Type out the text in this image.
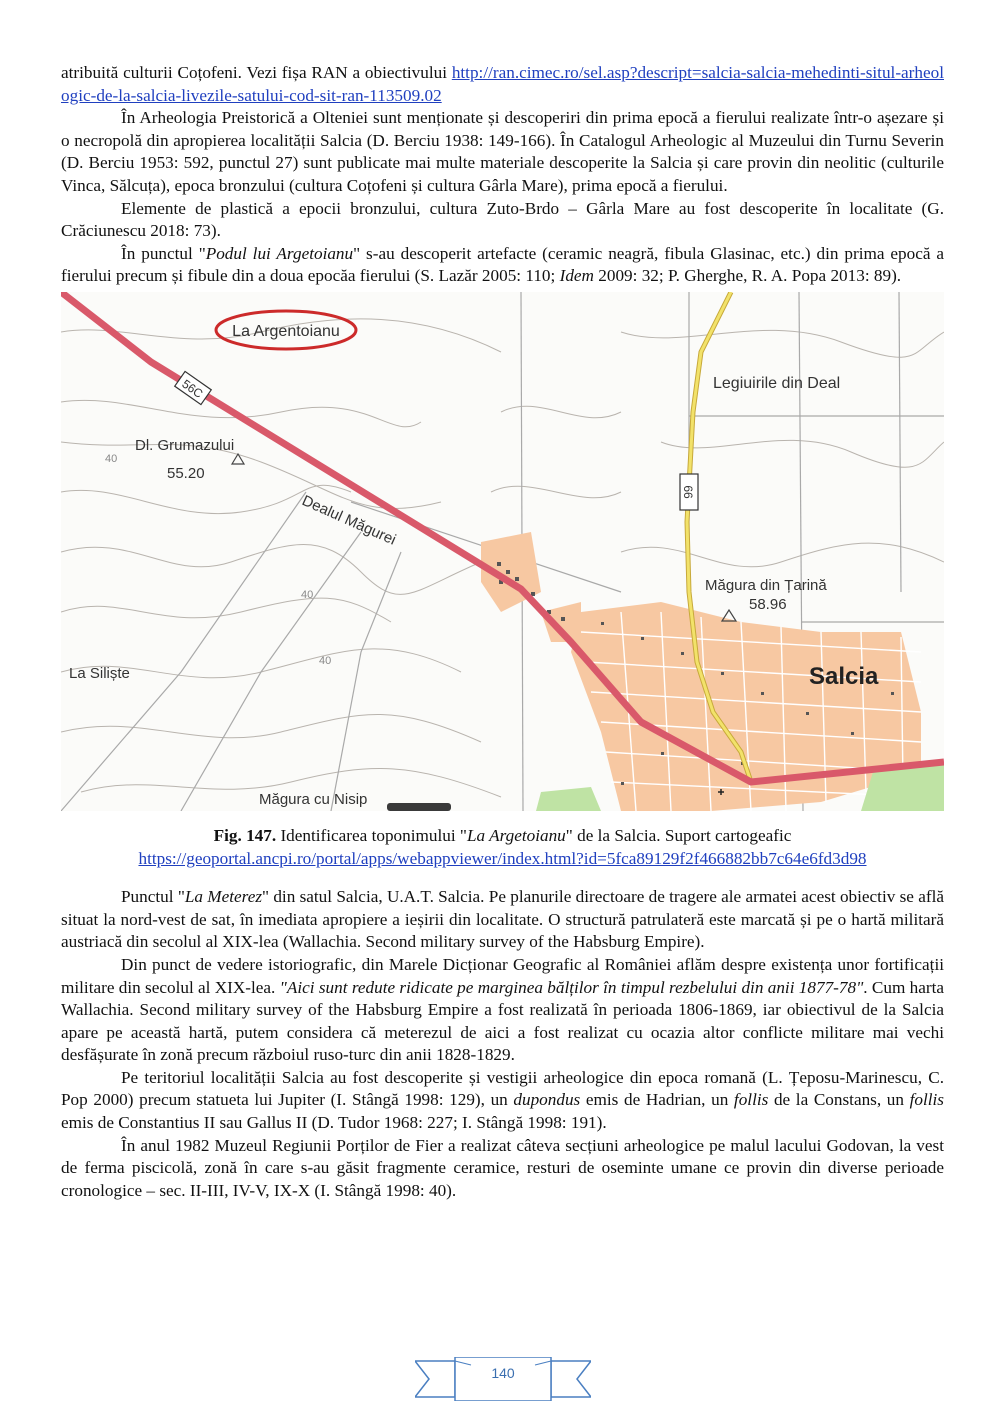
atribuită culturii Coțofeni. Vezi fișa RAN a obiectivului http://ran.cimec.ro/sel.asp?descript=salcia-salcia-mehedinti-situl-arheologic-de-la-salcia-livezile-satului-cod-sit-ran-113509.02

În Arheologia Preistorică a Olteniei sunt menționate și descoperiri din prima epocă a fierului realizate într-o așezare și o necropolă din apropierea localității Salcia (D. Berciu 1938: 149-166). În Catalogul Arheologic al Muzeului din Turnu Severin (D. Berciu 1953: 592, punctul 27) sunt publicate mai multe materiale descoperite la Salcia și care provin din neolitic (culturile Vinca, Sălcuța), epoca bronzului (cultura Coțofeni și cultura Gârla Mare), prima epocă a fierului.

Elemente de plastică a epocii bronzului, cultura Zuto-Brdo – Gârla Mare au fost descoperite în localitate (G. Crăciunescu 2018: 73).

În punctul "Podul lui Argetoianu" s-au descoperit artefacte (ceramic neagră, fibula Glasinac, etc.) din prima epocă a fierului precum și fibule din a doua epocăa fierului (S. Lazăr 2005: 110; Idem 2009: 32; P. Gherghe, R. A. Popa 2013: 89).

56C
66
La Argentoianu
Dl. Grumazului
55.20
Dealul Măgurei
Legiuirile din Deal
Măgura din Țarină
58.96
Salcia
La Siliște
Măgura cu Nisip
40
40
40
Fig. 147. Identificarea toponimului "La Argetoianu" de la Salcia. Suport cartogeafic
https://geoportal.ancpi.ro/portal/apps/webappviewer/index.html?id=5fca89129f2f466882bb7c64e6fd3d98

Punctul "La Meterez" din satul Salcia, U.A.T. Salcia. Pe planurile directoare de tragere ale armatei acest obiectiv se află situat la nord-vest de sat, în imediata apropiere a ieșirii din localitate. O structură patrulateră este marcată și pe o hartă militară austriacă din secolul al XIX-lea (Wallachia. Second military survey of the Habsburg Empire).

Din punct de vedere istoriografic, din Marele Dicționar Geografic al României aflăm despre existența unor fortificații militare din secolul al XIX-lea. "Aici sunt redute ridicate pe marginea bălților în timpul rezbelului din anii 1877-78". Cum harta Wallachia. Second military survey of the Habsburg Empire a fost realizată în perioada 1806-1869, iar obiectivul de la Salcia apare pe această hartă, putem considera că meterezul de aici a fost realizat cu ocazia altor conflicte militare mai vechi desfășurate în zonă precum războiul ruso-turc din anii 1828-1829.

Pe teritoriul localității Salcia au fost descoperite și vestigii arheologice din epoca romană (L. Țeposu-Marinescu, C. Pop 2000) precum statueta lui Jupiter (I. Stângă 1998: 129), un dupondus emis de Hadrian, un follis de la Constans, un follis emis de Constantius II sau Gallus II (D. Tudor 1968: 227; I. Stângă 1998: 191).

În anul 1982 Muzeul Regiunii Porților de Fier a realizat câteva secțiuni arheologice pe malul lacului Godovan, la vest de ferma piscicolă, zonă în care s-au găsit fragmente ceramice, resturi de oseminte umane ce provin din diverse perioade cronologice – sec. II-III, IV-V, IX-X (I. Stângă 1998: 40).

140
